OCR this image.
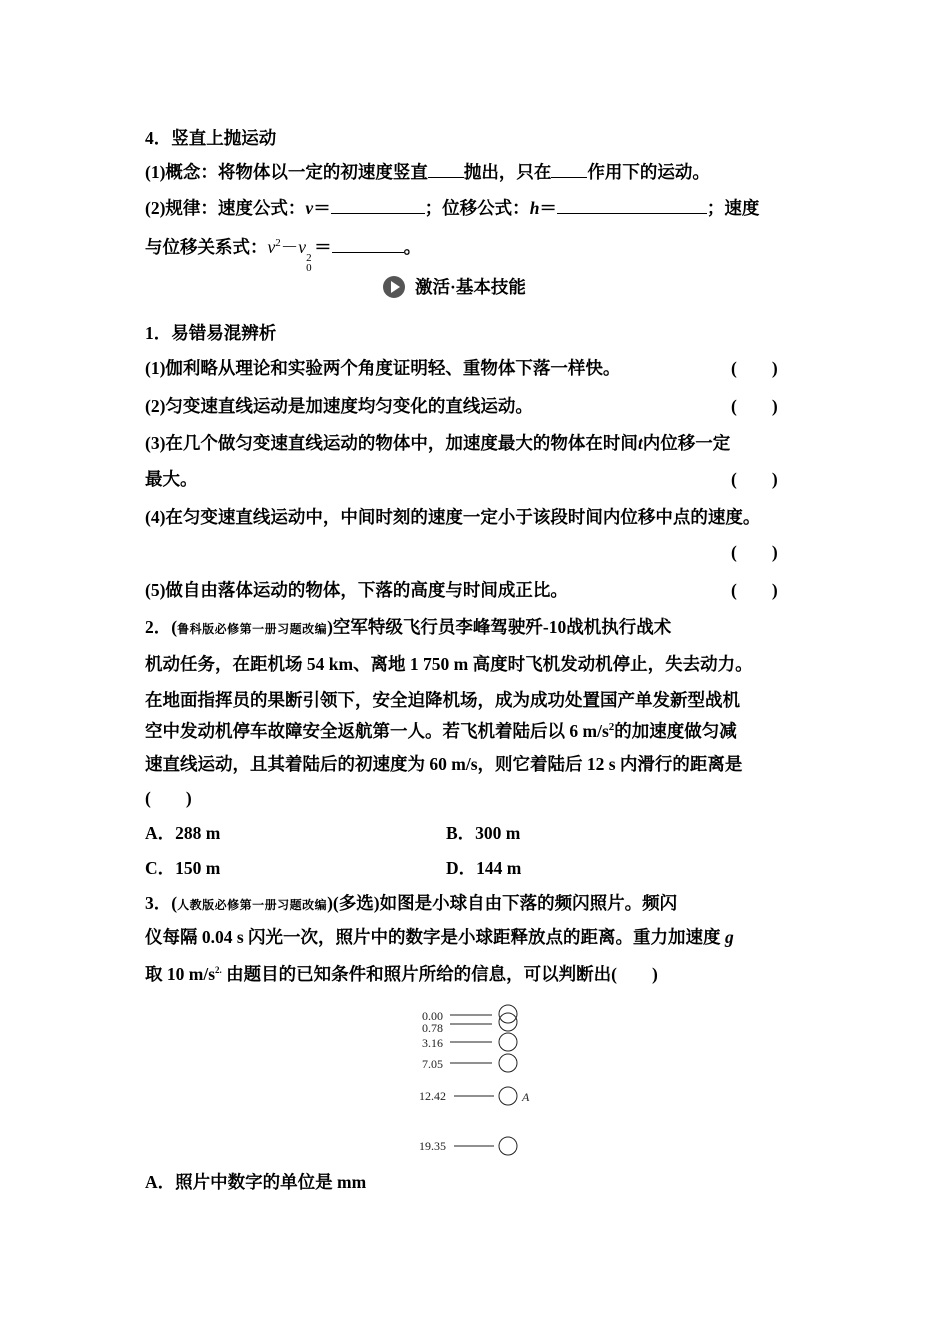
4．竖直上抛运动
(1)概念：将物体以一定的初速度竖直 抛出，只在 作用下的运动。
(2)规律：速度公式：v＝	；位移公式：h＝	；速度
与位移关系式：$v^2-v$
2
0
＝	。
激活·基本技能
1．易错易混辨析
(1)伽利略从理论和实验两个角度证明轻、重物体下落一样快。	(　　)
(2)匀变速直线运动是加速度均匀变化的直线运动。	(　　)
(3)在几个做匀变速直线运动的物体中，加速度最大的物体在时间t内位移一定
最大。	(　　)
(4)在匀变速直线运动中，中间时刻的速度一定小于该段时间内位移中点的速度。
(　　)
(5)做自由落体运动的物体，下落的高度与时间成正比。	(　　)
2．(鲁科版必修第一册习题改编)空军特级飞行员李峰驾驶歼-10战机执行战术
机动任务，在距机场 54 km、离地 1 750 m 高度时飞机发动机停止，失去动力。
在地面指挥员的果断引领下，安全迫降机场，成为成功处置国产单发新型战机
空中发动机停车故障安全返航第一人。若飞机着陆后以 6 $m/s^2$的加速度做匀减
速直线运动，且其着陆后的初速度为 60 m/s，则它着陆后 12 s 内滑行的距离是
(　　)
A．288 m	B．300 m
C．150 m	D．144 m
3．(人教版必修第一册习题改编)(多选)如图是小球自由下落的频闪照片。频闪
仪每隔 0.04 s 闪光一次，照片中的数字是小球距释放点的距离。重力加速度 g
取 10 $m/s^{2.}$ 由题目的已知条件和照片所给的信息，可以判断出(　　)
0.00
0.78
3.16
7.05
12.42	A
19.35
A．照片中数字的单位是 mm
